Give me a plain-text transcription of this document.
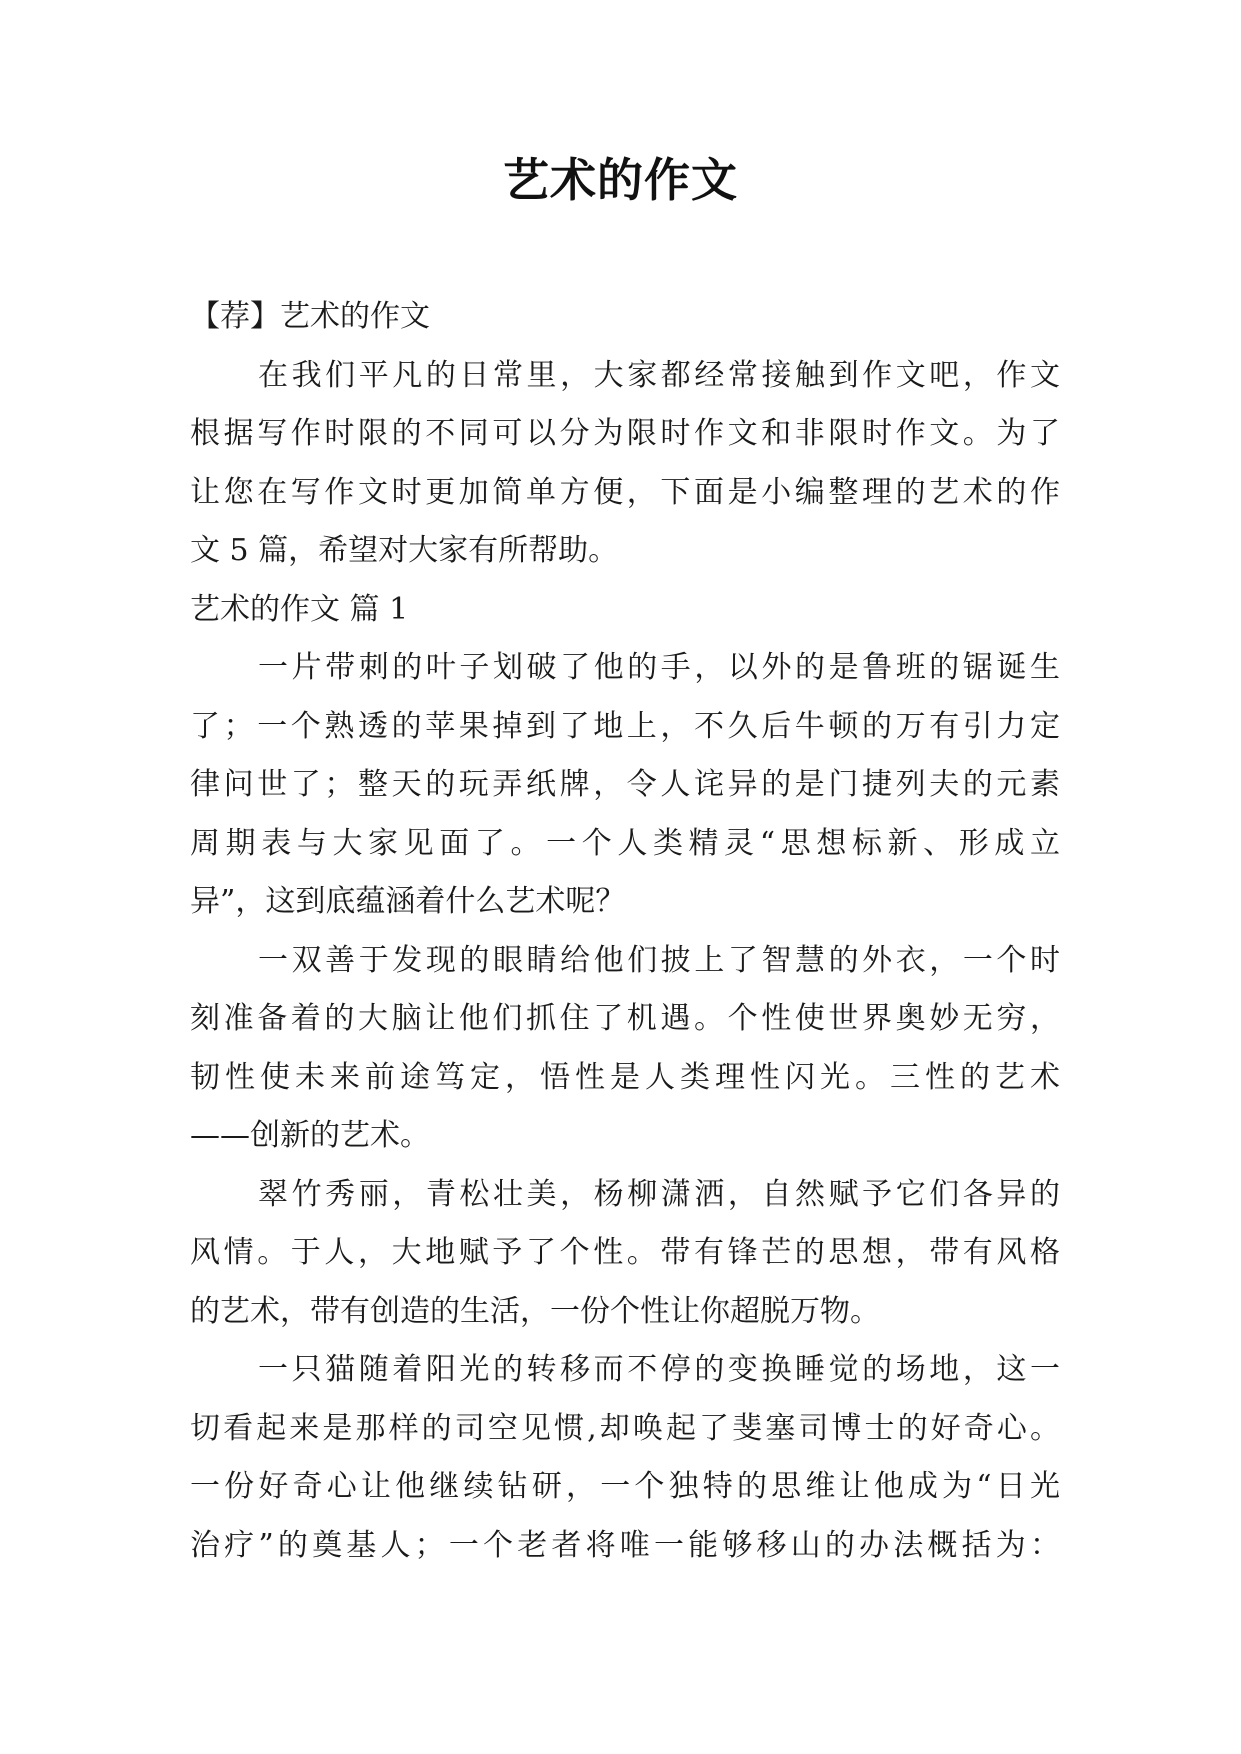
艺术的作文
【荐】艺术的作文
在我们平凡的日常里，大家都经常接触到作文吧，作文
根据写作时限的不同可以分为限时作文和非限时作文。为了
让您在写作文时更加简单方便，下面是小编整理的艺术的作
文 5 篇，希望对大家有所帮助。
艺术的作文 篇 1
一片带刺的叶子划破了他的手，以外的是鲁班的锯诞生
了；一个熟透的苹果掉到了地上，不久后牛顿的万有引力定
律问世了；整天的玩弄纸牌，令人诧异的是门捷列夫的元素
周期表与大家见面了。一个人类精灵“思想标新、形成立
异”，这到底蕴涵着什么艺术呢？
一双善于发现的眼睛给他们披上了智慧的外衣，一个时
刻准备着的大脑让他们抓住了机遇。个性使世界奥妙无穷，
韧性使未来前途笃定，悟性是人类理性闪光。三性的艺术
——创新的艺术。
翠竹秀丽，青松壮美，杨柳潇洒，自然赋予它们各异的
风情。于人，大地赋予了个性。带有锋芒的思想，带有风格
的艺术，带有创造的生活，一份个性让你超脱万物。
一只猫随着阳光的转移而不停的变换睡觉的场地，这一
切看起来是那样的司空见惯,却唤起了斐塞司博士的好奇心。
一份好奇心让他继续钻研，一个独特的思维让他成为“日光
治疗”的奠基人；一个老者将唯一能够移山的办法概括为：
